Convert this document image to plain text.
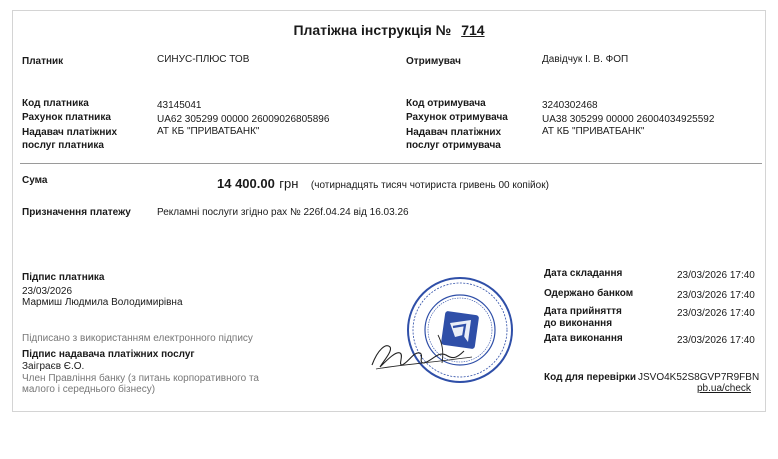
Платіжна інструкція № 714
Платник	СИНУС-ПЛЮС ТОВ
Код платника	43145041
Рахунок платника	UA62 305299 00000 26009026805896
Надавач платіжних
послуг платника
АТ КБ "ПРИВАТБАНК"
Отримувач	Давідчук І. В. ФОП
Код отримувача	3240302468
Рахунок отримувача	UA38 305299 00000 26004034925592
Надавач платіжних
послуг отримувача
АТ КБ "ПРИВАТБАНК"
Сума	14 400.00 грн (чотирнадцять тисяч чотириста гривень 00 копійок)
Призначення платежу	Рекламні послуги згідно рах № 226f.04.24 від 16.03.26
Підпис платника
23/03/2026
Мармиш Людмила Володимирівна
Підписано з використанням електронного підпису
Підпис надавача платіжних послуг
Заіграєв Є.О.
Член Правління банку (з питань корпоративного та
малого і середнього бізнесу)
Дата складання	23/03/2026 17:40
Одержано банком	23/03/2026 17:40
Дата прийняття
до виконання
23/03/2026 17:40
Дата виконання	23/03/2026 17:40
Код для перевірки JSVO4K52S8GVP7R9FBN
pb.ua/check
